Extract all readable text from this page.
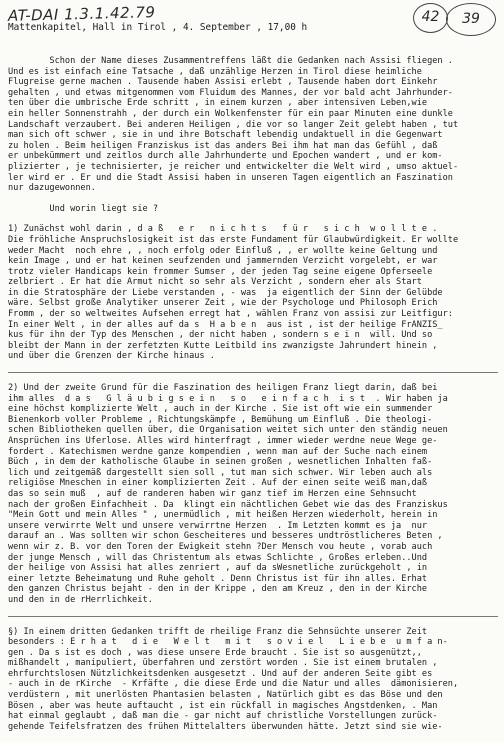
AT-DAI 1.3.1.42.79	42	39
Mattenkapitel, Hall in Tirol , 4. September , 17,00 h
Schon der Name dieses Zusammentreffens läßt die Gedanken nach Assisi fliegen .
Und es ist einfach eine Tatsache , daß unzählige Herzen in Tirol diese heimliche
Flugreise gerne machen . Tausende haben Assisi erlebt , Tausende haben dort Einkehr
gehalten , und etwas mitgenommen vom Fluidum des Mannes, der vor bald acht Jahrhunder-
ten über die umbrische Erde schritt , in einem kurzen , aber intensiven Leben,wie
ein heller Sonnenstrahh , der durch ein Wolkenfenster für ein paar Minuten eine dunkle
Landschaft verzaubert. Bei anderen Heiligen , die vor so langer Zeit gelebt haben , tut
man sich oft schwer , sie in und ihre Botschaft lebendig undaktuell in die Gegenwart
zu holen . Beim heiligen Franziskus ist das anders Bei ihm hat man das Gefühl , daß
er unbekümmert und zeitlos durch alle Jahrhunderte und Epochen wandert , und er kom-
plizierter , je technisierter, je reicher und entwickelter die Welt wird , umso aktuel-
ler wird er . Er und die Stadt Assisi haben in unseren Tagen eigentlich an Faszination
nur dazugewonnen.
Und worin liegt sie ?
1) Zunächst wohl darin , d a ß   e r   n i c h t s   f ü r   s i c h  w o l l t e .
Die fröhliche Anspruchslosigkeit ist das erste Fundament für Glaubwürdigkeit. Er wollte
weder Macht  noch ehre , , noch erfolg oder Einfluß , , er wollte keine Geltung und
kein Image , und er hat keinen seufzenden und jammernden Verzicht vorgelebt, er war
trotz vieler Handicaps kein frommer Sumser , der jeden Tag seine eigene Opferseele
zelbriert . Er hat die Armut nicht so sehr als Verzicht , sondern eher als Start
in die Stratosphäre der Liebe verstanden , - was  ja eigentlich der Sinn der Gelübde
wäre. Selbst große Analytiker unserer Zeit , wie der Psychologe und Philosoph Erich
Fromm , der so weltweites Aufsehen erregt hat , wählen Franz von assisi zur Leitfigur:
In einer Welt , in der alles auf da s  H a b e n  aus ist , ist der heilige FrANZIS_
kus für ihn der Typ des Menschen , der nicht haben , sondern s e i n  will. Und so
bleibt der Mann in der zerfetzten Kutte Leitbild ins zwanzigste Jahrundert hinein ,
und über die Grenzen der Kirche hinaus .
2) Und der zweite Grund für die Faszination des heiligen Franz liegt darin, daß bei
ihm alles  d a s   G l ä u b i g s e i n   s o   e i n f a c h  i s t  . Wir haben ja
eine höchst komplizierte Welt , auch in der Kirche . Sie ist oft wie ein summender
Bienenkorb voller Probleme , Richtungskämpfe , Bemühung um Einfluß . Die theologi-
schen Bibliotheken quellen über, die Organisation weitet sich unter den ständig neuen
Ansprüchen ins Uferlose. Alles wird hinterfragt , immer wieder werdne neue Wege ge-
fordert . Katechismen werdne ganze kompendien , wenn man auf der Suche nach einem
Büch , in dem der katholische Glaube in seinen großen , wesnetlichen Inhalten faß-
lich und zeitgemäß dargestellt sien soll , tut man sich schwer. Wir leben auch als
religiöse Mneschen in einer komplizierten Zeit . Auf der einen seite weiß man,daß
das so sein muß  , auf de randeren haben wir ganz tief im Herzen eine Sehnsucht
nach der großen Einfachheit . Da  klingt ein nächtlichen Gebet wie das des Franziskus
"Mein Gott und mein Alles " , unermüdlich , mit heißen Herzen wiederholt, herein in
unsere verwirrte Welt und unsere verwirrtne Herzen  . Im Letzten kommt es ja  nur
darauf an . Was sollten wir schon Gescheiteres und besseres undtröstlicheres Beten ,
wenn wir z. B. vor den Toren der Ewigkeit stehn ?Der Mensch vou heute , vorab auch
der junge Mensch , will das Christentum als etwas Schlichte , Großes erleben..Und
der heilige von Assisi hat alles zenriert , auf da sWesnetliche zurückgeholt , in
einer letzte Beheimatung und Ruhe geholt . Denn Christus ist für ihn alles. Erhat
den ganzen Christus bejaht - den in der Krippe , den am Kreuz , den in der Kirche
und den in de rHerrlichkeit.
§) In einem dritten Gedanken trifft de rheilige Franz die Sehnsüchte unserer Zeit
besonders : E r h a t   d i e   W e l t   m i t   s o v i e l   L i e b e  u m f a n-
gen . Da s ist es doch , was diese unsere Erde braucht . Sie ist so ausgenützt,,
mißhandelt , manipuliert, überfahren und zerstört worden . Sie ist einem brutalen ,
ehrfurchtslosen Nützlichkeitsdenken ausgesetzt . Und auf der anderen Seite gibt es
- auch in de rKirche  - Krfäfte , die diese Erde und die Natur und alles  dämonisieren,
verdüstern , mit unerlösten Phantasien belasten , Natürlich gibt es das Böse und den
Bösen , aber was heute auftaucht , ist ein rückfall in magisches Angstdenken, . Man
hat einmal geglaubt , daß man die - gar nicht auf christliche Vorstellungen zurück-
gehende Teifelsfratzen des frühen Mittelalters überwunden hätte. Jetzt sind sie wie-
